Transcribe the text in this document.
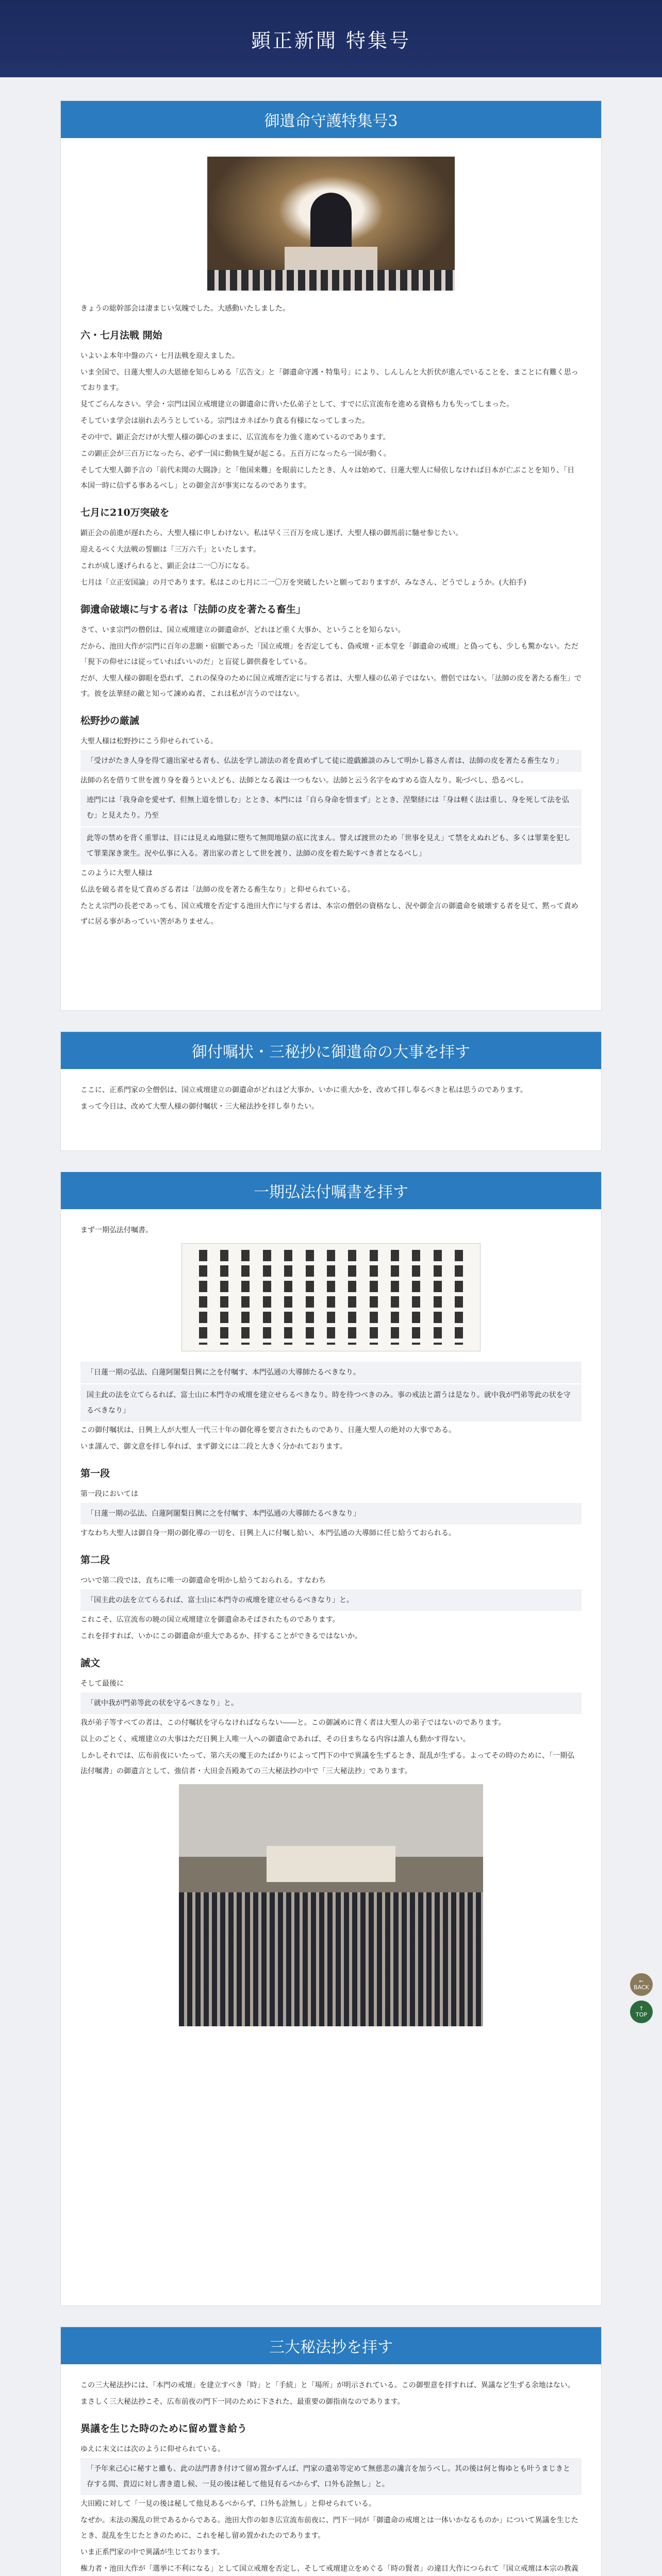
顕正新聞 特集号
御遺命守護特集号3

きょうの総幹部会は凄まじい気魄でした。大感動いたしました。

六・七月法戦 開始

いよいよ本年中盤の六・七月法戦を迎えました。

いま全国で、日蓮大聖人の大恩徳を知らしめる「広告文」と「御遺命守護・特集号」により、しんしんと大折伏が進んでいることを、まことに有難く思っております。

見てごらんなさい。学会・宗門は国立戒壇建立の御遺命に背いた仏弟子として、すでに広宣流布を進める資格も力も失ってしまった。

そしていま学会は崩れ去ろうとしている。宗門はカネばかり貪る有様になってしまった。

その中で、顕正会だけが大聖人様の御心のままに、広宣流布を力強く進めているのであります。

この顕正会が三百万になったら、必ず一国に動執生疑が起こる。五百万になったら一国が動く。

そして大聖人御予言の「前代未聞の大闘諍」と「他国来難」を眼前にしたとき、人々は始めて、日蓮大聖人に帰依しなければ日本が亡ぶことを知り、「日本国一時に信ずる事あるべし」との御金言が事実になるのであります。

七月に210万突破を

顕正会の前進が遅れたら、大聖人様に申しわけない。私は早く三百万を成し遂げ、大聖人様の御馬前に馳せ参じたい。

迎えるべく大法戦の誓願は「三万六千」といたします。

これが成し遂げられると、顕正会は二一〇万になる。

七月は「立正安国論」の月であります。私はこの七月に二一〇万を突破したいと願っておりますが、みなさん、どうでしょうか。(大拍手)

御遺命破壊に与する者は「法師の皮を著たる畜生」

さて、いま宗門の僧侶は、国立戒壇建立の御遺命が、どれほど重く大事か、ということを知らない。

だから、池田大作が宗門に百年の悲願・宿願であった「国立戒壇」を否定しても、偽戒壇・正本堂を「御遺命の戒壇」と偽っても、少しも驚かない。ただ「猊下の仰せには従っていればいいのだ」と盲従し御供養をしている。

だが、大聖人様の御眼を恐れず、これの保身のために国立戒壇否定に与する者は、大聖人様の仏弟子ではない。僧侶ではない。「法師の皮を著たる畜生」です。彼を法華経の敵と知って諫めぬ者、これは私が言うのではない。

松野抄の厳誡

大聖人様は松野抄にこう仰せられている。

「受けがたき人身を得て適出家せる者も、仏法を学し謗法の者を責めずして徒に遊戯雑談のみして明かし暮さん者は、法師の皮を著たる畜生なり」

法師の名を借りて世を渡り身を養うといえども、法師となる義は一つもない。法師と云う名字をぬすめる盗人なり。恥づべし、恐るべし。

迹門には「我身命を愛せず、但無上道を惜しむ」ととき、本門には「自ら身命を惜まず」ととき、涅槃経には「身は軽く法は重し、身を死して法を弘む」と見えたり。乃至

此等の禁めを背く重罪は、目には見えぬ地獄に堕ちて無間地獄の底に沈まん。譬えば渡世のため「世事を見え」て禁をえぬれども、多くは罪業を犯して罪業深き衆生。況や仏事に入る。著出家の者として世を渡り、法師の皮を着た恥すべき者となるべし」

このように大聖人様は

仏法を破る者を見て責めざる者は「法師の皮を著たる畜生なり」と仰せられている。

たとえ宗門の長老であっても、国立戒壇を否定する池田大作に与する者は、本宗の僧侶の資格なし、況や御金言の御遺命を破壊する者を見て、黙って責めずに居る事があっていい筈がありません。

御付嘱状・三秘抄に御遺命の大事を拝す

ここに、正系門家の全僧侶は、国立戒壇建立の御遺命がどれほど大事か、いかに重大かを、改めて拝し奉るべきと私は思うのであります。

まって今日は、改めて大聖人様の御付嘱状・三大秘法抄を拝し奉りたい。

一期弘法付嘱書を拝す

まず一期弘法付嘱書。

「日蓮一期の弘法、白蓮阿闍梨日興に之を付嘱す、本門弘通の大導師たるべきなり。

国主此の法を立てらるれば、富士山に本門寺の戒壇を建立せらるべきなり。時を待つべきのみ。事の戒法と謂うは是なり。就中我が門弟等此の状を守るべきなり」

この御付嘱状は、日興上人が大聖人一代三十年の御化導を要言されたものであり、日蓮大聖人の絶対の大事である。

いま謹んで、御文意を拝し奉れば、まず御文には二段と大きく分かれております。

第一段

第一段においては

「日蓮一期の弘法、白蓮阿闍梨日興に之を付嘱す、本門弘通の大導師たるべきなり」

すなわち大聖人は御自身一期の御化導の一切を、日興上人に付嘱し給い、本門弘通の大導師に任じ給うておられる。

第二段

ついで第二段では、直ちに唯一の御遺命を明かし給うておられる。すなわち

「国主此の法を立てらるれば、富士山に本門寺の戒壇を建立せらるべきなり」と。

これこそ、広宣流布の暁の国立戒壇建立を御遺命あそばされたものであります。

これを拝すれば、いかにこの御遺命が重大であるか、拝することができるではないか。

誡文

そして最後に

「就中我が門弟等此の状を守るべきなり」と。

我が弟子等すべての者は、この付嘱状を守らなければならない――と。この御誡めに背く者は大聖人の弟子ではないのであります。

以上のごとく、戒壇建立の大事はただ日興上人唯一人への御遺命であれば、その日まちなる内容は誰人も動かす得ない。

しかしそれでは、広布前夜にいたって、第六天の魔王のたばかりによって門下の中で異議を生ずるとき、混乱が生ずる。よってその時のために、「一期弘法付嘱書」の御遺言として、強信者・大田金吾殿あての三大秘法抄の中で「三大秘法抄」であります。

三大秘法抄を拝す

この三大秘法抄には、「本門の戒壇」を建立すべき「時」と「手続」と「場所」が明示されている。この御聖意を拝すれば、異議など生ずる余地はない。

まさしく三大秘法抄こそ、広布前夜の門下一同のために下された、最重要の御指南なのであります。

異議を生じた時のために留め置き給う

ゆえに末文には次のように仰せられている。

「予年来己心に秘すと雖も、此の法門書き付けて留め置かずんば、門家の遺弟等定めて無慈悲の讒言を加うべし。其の後は何と悔ゆとも叶うまじきと存する間、貴辺に対し書き遣し候、一見の後は秘して他見有るべからず、口外も詮無し」と。

大田殿に対して「一見の後は秘して他見あるべからず、口外も詮無し」と仰せられている。

なぜか。末法の濁乱の世であるからである。池田大作の如き広宣流布前夜に、門下一同が「御遺命の戒壇とは一体いかなるものか」について異議を生じたとき、混乱を生じたときのために、これを秘し留め置かれたのであります。

いま正系門家の中で異議が生じております。

権力者・池田大作が「選挙に不利になる」として国立戒壇を否定し、そして戒壇建立をめぐる「時の賢者」の違目大作につられて「国立戒壇は本宗の教義

←
BACK
↑
TOP
